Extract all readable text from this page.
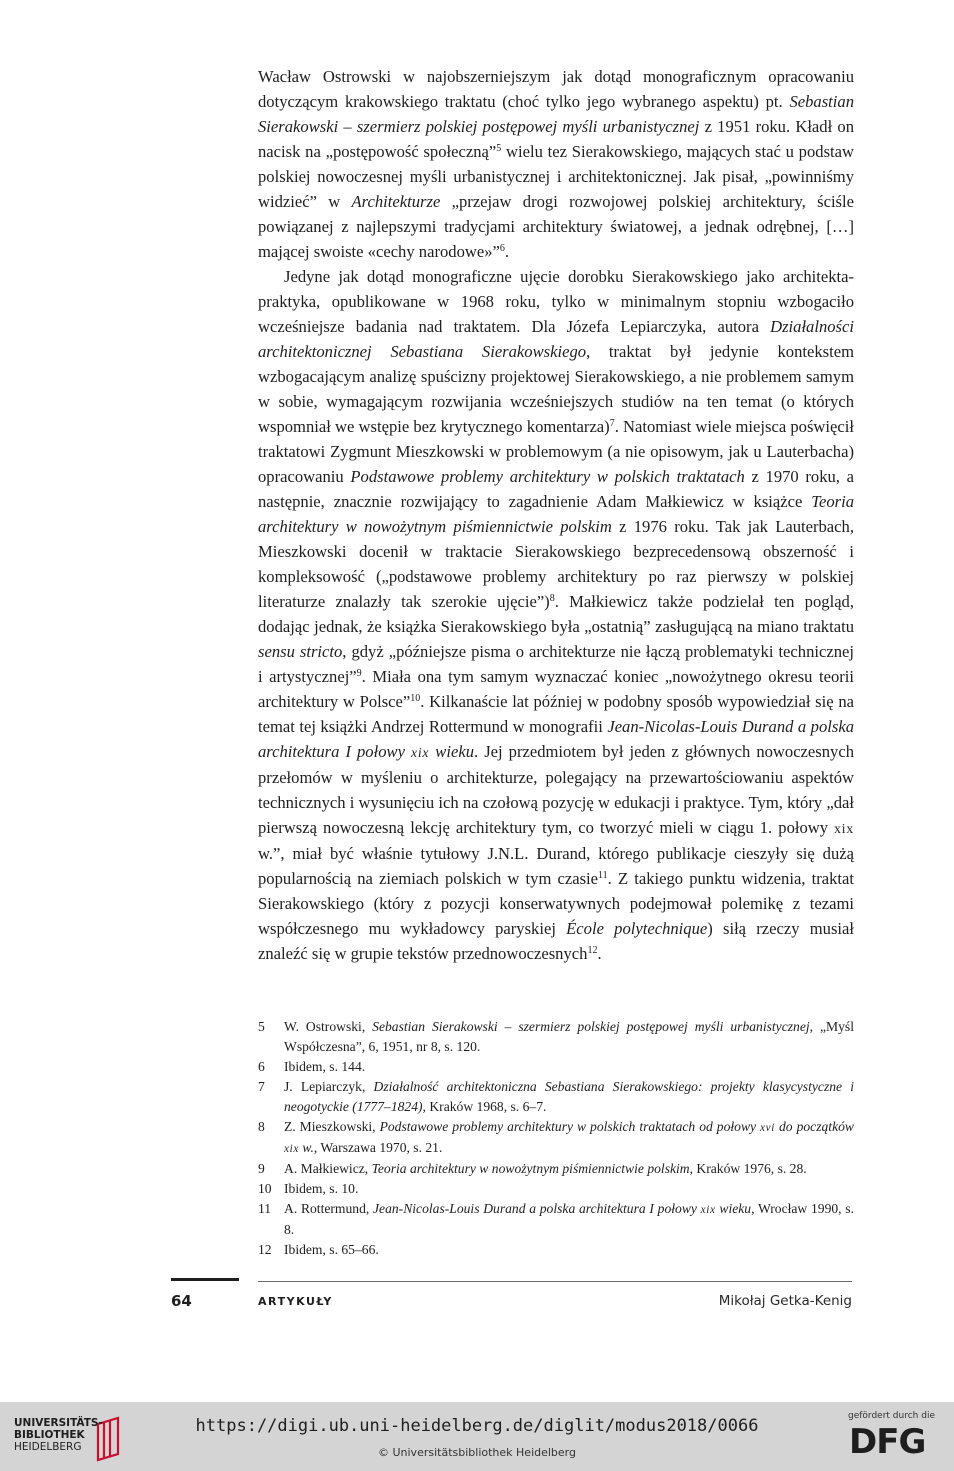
Wacław Ostrowski w najobszerniejszym jak dotąd monograficznym opracowaniu dotyczącym krakowskiego traktatu (choć tylko jego wybranego aspektu) pt. Sebastian Sierakowski – szermierz polskiej postępowej myśli urbanistycznej z 1951 roku. Kładł on nacisk na „postępowość społeczną”$^5$ wielu tez Sierakowskiego, mających stać u podstaw polskiej nowoczesnej myśli urbanistycznej i architektonicznej. Jak pisał, „powinniśmy widzieć” w Architekturze „przejaw drogi rozwojowej polskiej architektury, ściśle powiązanej z najlepszymi tradycjami architektury światowej, a jednak odrębnej, […] mającej swoiste «cechy narodowe»”$^6$.

Jedyne jak dotąd monograficzne ujęcie dorobku Sierakowskiego jako architekta-praktyka, opublikowane w 1968 roku, tylko w minimalnym stopniu wzbogaciło wcześniejsze badania nad traktatem. Dla Józefa Lepiarczyka, autora Działalności architektonicznej Sebastiana Sierakowskiego, traktat był jedynie kontekstem wzbogacającym analizę spuścizny projektowej Sierakowskiego, a nie problemem samym w sobie, wymagającym rozwijania wcześniejszych studiów na ten temat (o których wspomniał we wstępie bez krytycznego komentarza)$^7$. Natomiast wiele miejsca poświęcił traktatowi Zygmunt Mieszkowski w problemowym (a nie opisowym, jak u Lauterbacha) opracowaniu Podstawowe problemy architektury w polskich traktatach z 1970 roku, a następnie, znacznie rozwijający to zagadnienie Adam Małkiewicz w książce Teoria architektury w nowożytnym piśmiennictwie polskim z 1976 roku. Tak jak Lauterbach, Mieszkowski docenił w traktacie Sierakowskiego bezprecedensową obszerność i kompleksowość („podstawowe problemy architektury po raz pierwszy w polskiej literaturze znalazły tak szerokie ujęcie”)$^8$. Małkiewicz także podzielał ten pogląd, dodając jednak, że książka Sierakowskiego była „ostatnią” zasługującą na miano traktatu sensu stricto, gdyż „późniejsze pisma o architekturze nie łączą problematyki technicznej i artystycznej”$^9$. Miała ona tym samym wyznaczać koniec „nowożytnego okresu teorii architektury w Polsce”$^{10}$. Kilkanaście lat później w podobny sposób wypowiedział się na temat tej książki Andrzej Rottermund w monografii Jean-Nicolas-Louis Durand a polska architektura I połowy xix wieku. Jej przedmiotem był jeden z głównych nowoczesnych przełomów w myśleniu o architekturze, polegający na przewartościowaniu aspektów technicznych i wysunięciu ich na czołową pozycję w edukacji i praktyce. Tym, który „dał pierwszą nowoczesną lekcję architektury tym, co tworzyć mieli w ciągu 1. połowy xix w.”, miał być właśnie tytułowy J.N.L. Durand, którego publikacje cieszyły się dużą popularnością na ziemiach polskich w tym czasie$^{11}$. Z takiego punktu widzenia, traktat Sierakowskiego (który z pozycji konserwatywnych podejmował polemikę z tezami współczesnego mu wykładowcy paryskiej École polytechnique) siłą rzeczy musiał znaleźć się w grupie tekstów przednowoczesnych$^{12}$.

5 W. Ostrowski, Sebastian Sierakowski – szermierz polskiej postępowej myśli urbanistycznej, „Myśl Współczesna”, 6, 1951, nr 8, s. 120.
6 Ibidem, s. 144.
7 J. Lepiarczyk, Działalność architektoniczna Sebastiana Sierakowskiego: projekty klasycystyczne i neogotyckie (1777–1824), Kraków 1968, s. 6–7.
8 Z. Mieszkowski, Podstawowe problemy architektury w polskich traktatach od połowy xvi do początków xix w., Warszawa 1970, s. 21.
9 A. Małkiewicz, Teoria architektury w nowożytnym piśmiennictwie polskim, Kraków 1976, s. 28.
10 Ibidem, s. 10.
11 A. Rottermund, Jean-Nicolas-Louis Durand a polska architektura I połowy xix wieku, Wrocław 1990, s. 8.
12 Ibidem, s. 65–66.
64	ARTYKUŁY	Mikołaj Getka-Kenig
UNIVERSITÄTS-
BIBLIOTHEK
HEIDELBERG
https://digi.ub.uni-heidelberg.de/diglit/modus2018/0066
© Universitätsbibliothek Heidelberg
gefördert durch die
DFG
